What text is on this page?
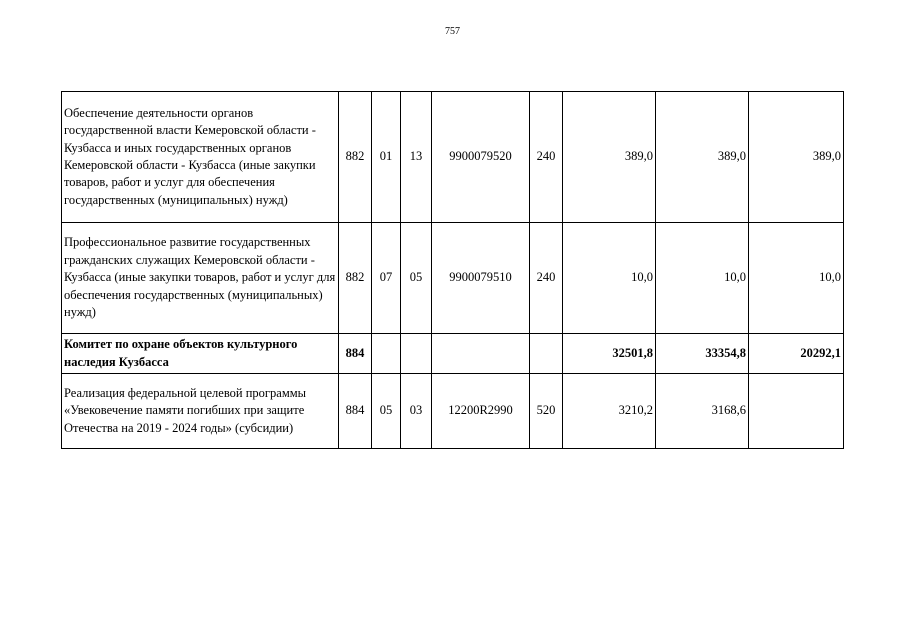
757
Обеспечение деятельности органов государственной власти Кемеровской области - Кузбасса и иных государственных органов Кемеровской области - Кузбасса (иные закупки товаров, работ и услуг для обеспечения государственных (муниципальных) нужд)	882	01	13	9900079520	240	389,0	389,0	389,0
Профессиональное развитие государственных гражданских служащих Кемеровской области - Кузбасса (иные закупки товаров, работ и услуг для обеспечения государственных (муниципальных) нужд)	882	07	05	9900079510	240	10,0	10,0	10,0
Комитет по охране объектов культурного наследия Кузбасса	884					32501,8	33354,8	20292,1
Реализация федеральной целевой программы «Увековечение памяти погибших при защите Отечества на 2019 - 2024 годы» (субсидии)	884	05	03	12200R2990	520	3210,2	3168,6	
